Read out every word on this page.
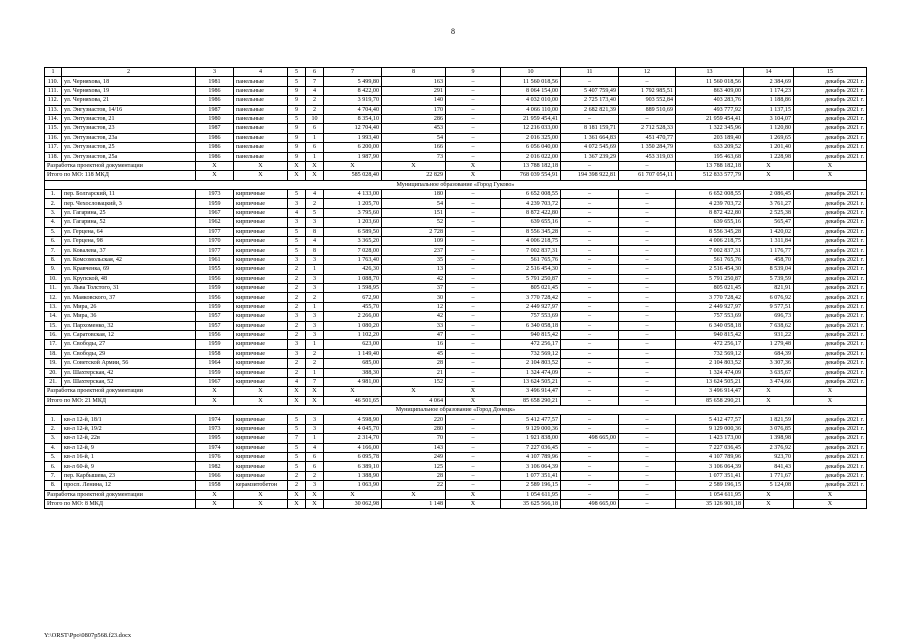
8
1	2	3	4	5	6	7	8	9	10	11	12	13	14	15
110.	ул. Черняхова, 18	1981	панельные	5	7	5 499,80	163	–	11 560 018,56	–	–	11 560 018,56	2 384,69	декабрь 2021 г.
111.	ул. Черняхова, 19	1986	панельные	9	4	8 422,00	291	–	8 064 154,00	5 407 759,49	1 792 985,51	863 409,00	1 174,23	декабрь 2021 г.
112.	ул. Черняхова, 21	1986	панельные	9	2	3 919,70	140	–	4 032 010,00	2 725 173,40	903 552,84	403 283,76	1 188,86	декабрь 2021 г.
113.	ул. Энгузиастов, 14/16	1987	панельные	9	2	4 704,40	170	–	4 066 110,00	2 682 821,39	889 510,69	493 777,92	1 137,15	декабрь 2021 г.
114.	ул. Энтузиастов, 21	1980	панельные	5	10	8 354,10	286	–	21 959 454,41	–	–	21 959 454,41	3 104,07	декабрь 2021 г.
115.	ул. Энтузиастов, 23	1987	панельные	9	6	12 704,40	453	–	12 216 033,00	8 181 159,71	2 712 528,33	1 322 345,96	1 120,80	декабрь 2021 г.
116.	ул. Энтузиастов, 23а	1986	панельные	9	1	1 993,40	54	–	2 016 325,00	1 361 664,83	451 470,77	203 189,40	1 269,65	декабрь 2021 г.
117.	ул. Энтузиастов, 25	1986	панельные	9	6	6 200,00	166	–	6 056 040,00	4 072 545,69	1 350 284,79	633 209,52	1 201,40	декабрь 2021 г.
118.	ул. Энтузиастов, 25а	1986	панельные	9	1	1 987,90	73	–	2 016 022,00	1 367 239,29	453 319,03	195 463,68	1 228,98	декабрь 2021 г.
Разработка проектной документации		X	X	X	X	X	X	X	13 788 182,18	–	–	13 788 182,18	X	X
Итого по МО: 118 МКД		X	X	X	X	585 028,40	22 829	X	768 039 554,91	194 398 922,81	61 707 054,11	512 833 577,79	X	X
Муниципальное образование «Город Гуково»														
1.	пер. Болгарский, 11	1973	кирпичные	5	4	4 133,00	180	–	6 652 008,55	–	–	6 652 008,55	2 086,45	декабрь 2021 г.
2.	пер. Чехословацкий, 3	1959	кирпичные	3	2	1 205,70	54	–	4 239 703,72	–	–	4 239 703,72	3 761,27	декабрь 2021 г.
3.	ул. Гагарина, 25	1967	кирпичные	4	5	3 795,60	151	–	8 872 422,80	–	–	8 872 422,80	2 525,38	декабрь 2021 г.
4.	ул. Гагарина, 52	1962	кирпичные	3	3	1 203,60	52	–	639 655,16	–	–	639 655,16	565,47	декабрь 2021 г.
5.	ул. Герцена, 64	1977	кирпичные	5	8	6 589,50	2 728	–	8 556 345,28	–	–	8 556 345,28	1 420,02	декабрь 2021 г.
6.	ул. Герцена, 98	1970	кирпичные	5	4	3 365,20	109	–	4 006 218,75	–	–	4 006 218,75	1 311,84	декабрь 2021 г.
7.	ул. Ковалева, 37	1977	кирпичные	5	8	7 028,00	237	–	7 002 837,31	–	–	7 002 837,31	1 176,77	декабрь 2021 г.
8.	ул. Комсомольская, 42	1961	кирпичные	3	3	1 763,40	35	–	561 765,76	–	–	561 765,76	458,70	декабрь 2021 г.
9.	ул. Кравченка, 69	1955	кирпичные	2	1	426,30	13	–	2 516 454,30	–	–	2 516 454,30	8 539,04	декабрь 2021 г.
10.	ул. Крупской, 48	1956	кирпичные	2	3	1 088,70	42	–	5 791 250,87	–	–	5 791 250,87	5 739,59	декабрь 2021 г.
11.	ул. Льва Толстого, 31	1959	кирпичные	2	3	1 598,95	37	–	805 021,45	–	–	805 021,45	821,91	декабрь 2021 г.
12.	ул. Маяковского, 37	1956	кирпичные	2	2	672,90	30	–	3 770 728,42	–	–	3 770 728,42	6 076,92	декабрь 2021 г.
13.	ул. Мира, 26	1959	кирпичные	2	1	455,70	12	–	2 449 927,97	–	–	2 449 927,97	9 577,51	декабрь 2021 г.
14.	ул. Мира, 36	1957	кирпичные	3	3	2 266,00	42	–	757 553,69	–	–	757 553,69	696,73	декабрь 2021 г.
15.	ул. Пархоменко, 32	1957	кирпичные	2	3	1 080,20	33	–	6 340 058,18	–	–	6 340 058,18	7 638,62	декабрь 2021 г.
16.	ул. Саратовская, 12	1956	кирпичные	2	3	1 102,20	47	–	940 815,42	–	–	940 815,42	931,22	декабрь 2021 г.
17.	ул. Свободы, 27	1959	кирпичные	3	1	623,00	16	–	472 256,17	–	–	472 256,17	1 279,48	декабрь 2021 г.
18.	ул. Свободы, 29	1958	кирпичные	3	2	1 149,40	45	–	732 569,12	–	–	732 569,12	684,39	декабрь 2021 г.
19.	ул. Советской Армии, 56	1964	кирпичные	2	2	685,00	28	–	2 104 803,52	–	–	2 104 803,52	3 307,36	декабрь 2021 г.
20.	ул. Шахтерская, 42	1959	кирпичные	2	1	388,30	21	–	1 324 474,09	–	–	1 324 474,09	3 635,67	декабрь 2021 г.
21.	ул. Шахтерская, 52	1967	кирпичные	4	7	4 981,00	152	–	13 624 505,21	–	–	13 624 505,21	3 474,66	декабрь 2021 г.
Разработка проектной документации		X	X	X	X	X	X	X	3 496 914,47	–	–	3 496 914,47	X	X
Итого по МО: 21 МКД		X	X	X	X	46 501,65	4 064	X	85 658 290,21	–	–	85 658 290,21	X	X
Муниципальное образование «Город Донецк»														
1.	кв-л 12-й, 18/1	1974	кирпичные	5	3	4 598,90	220	–	5 412 477,57	–	–	5 412 477,57	1 821,59	декабрь 2021 г.
2.	кв-л 12-й, 19/2	1973	кирпичные	5	3	4 045,70	280	–	9 129 000,36	–	–	9 129 000,36	3 076,85	декабрь 2021 г.
3.	кв-л 12-й, 22в	1995	кирпичные	7	1	2 314,70	70	–	1 921 838,00	498 665,00	–	1 423 173,00	1 398,98	декабрь 2021 г.
4.	кв-л 12-й, 9	1974	кирпичные	5	4	4 166,00	143	–	7 227 036,45	–	–	7 227 036,45	2 376,92	декабрь 2021 г.
5.	кв-л 16-й, 1	1976	кирпичные	5	6	6 095,78	249	–	4 107 789,96	–	–	4 107 789,96	923,70	декабрь 2021 г.
6.	кв-л 60-й, 9	1982	кирпичные	5	6	6 389,10	125	–	3 106 064,39	–	–	3 106 064,39	841,43	декабрь 2021 г.
7.	пер. Карбышева, 23	1966	кирпичные	2	2	1 388,90	28	–	1 077 351,41	–	–	1 077 351,41	1 771,67	декабрь 2021 г.
8.	просп. Ленина, 12	1958	керамзитобетон	2	3	1 063,90	22	–	2 589 196,15	–	–	2 589 196,15	5 124,08	декабрь 2021 г.
Разработка проектной документации		X	X	X	X	X	X	X	1 054 611,95	–	–	1 054 611,95	X	X
Итого по МО: 8 МКД		X	X	X	X	30 062,98	1 148	X	35 625 566,18	498 665,00	–	35 126 901,18	X	X
Y:\ORST\Ppo\0807p568.f23.docx
